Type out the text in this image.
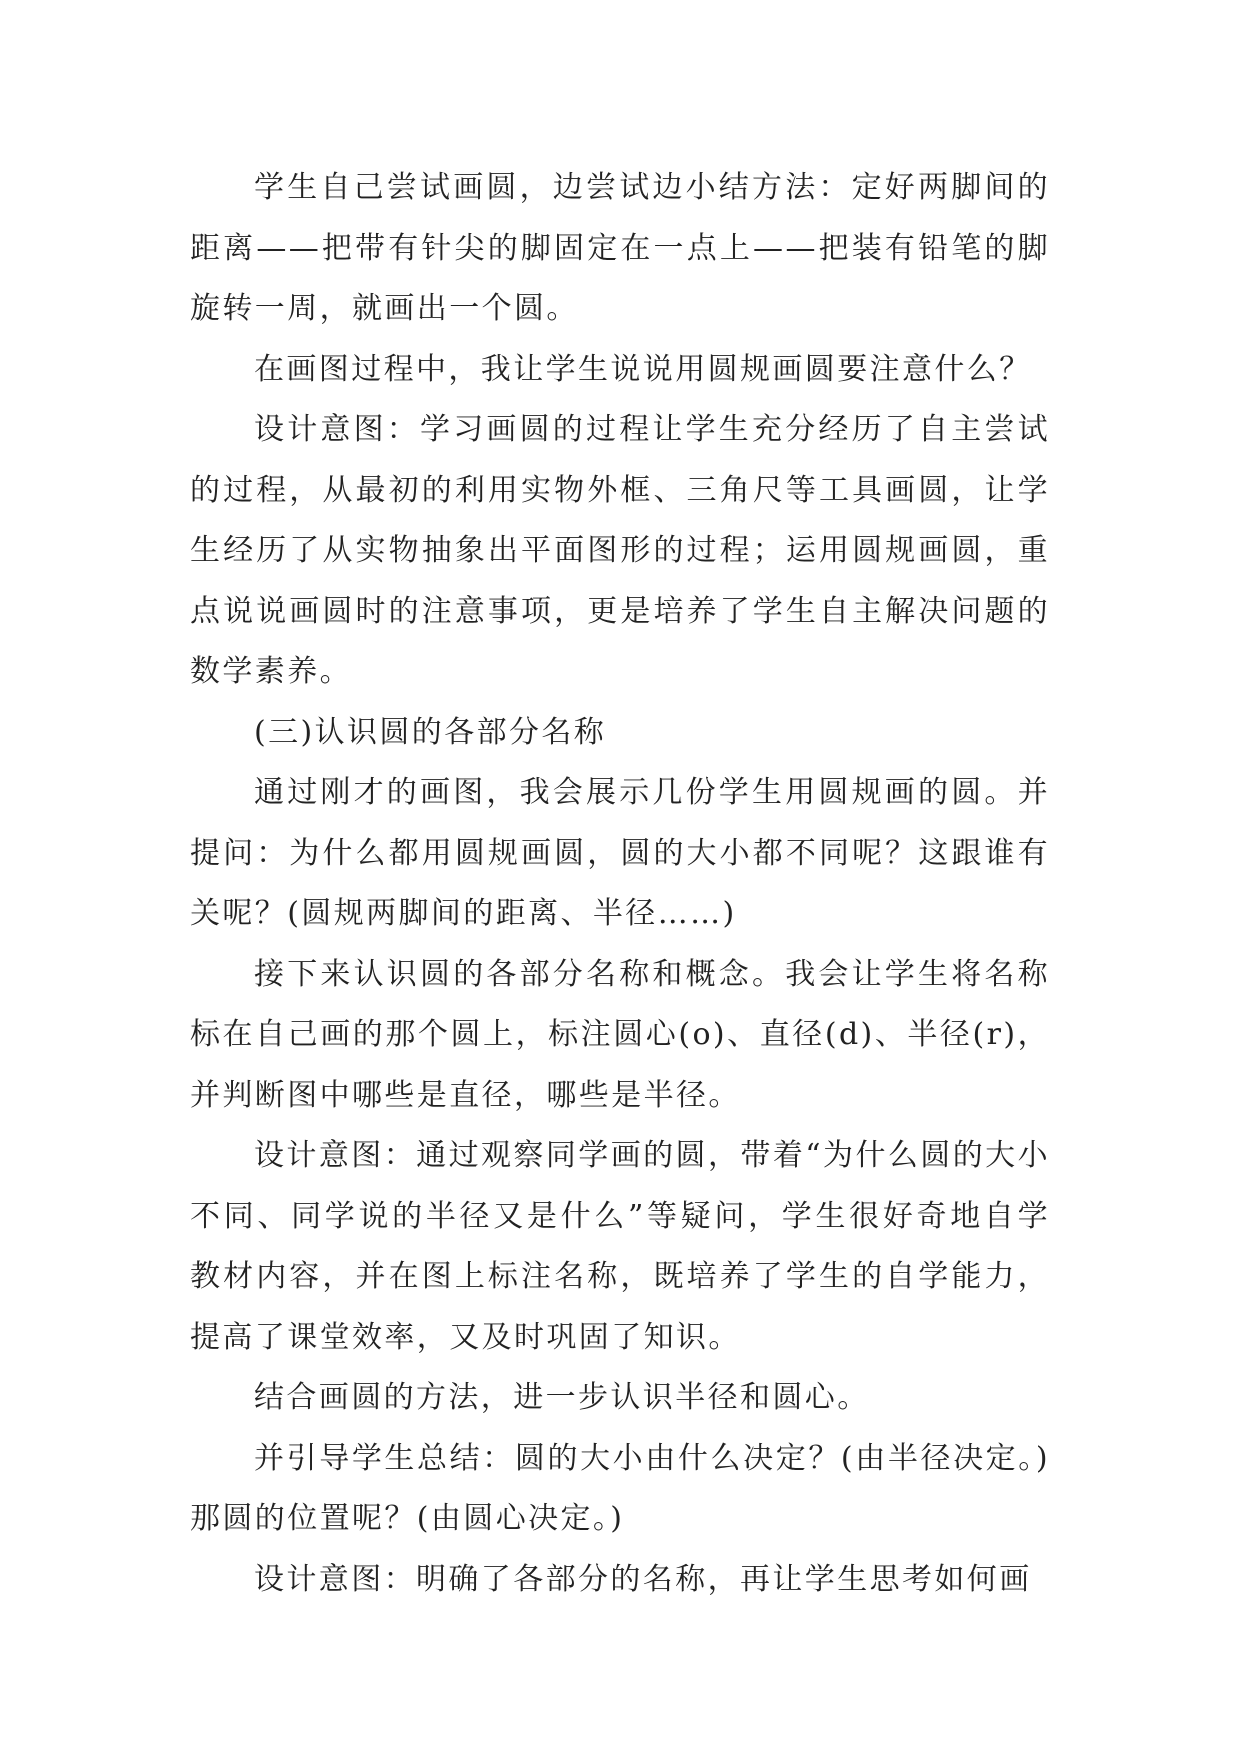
学生自己尝试画圆，边尝试边小结方法：定好两脚间的距离——把带有针尖的脚固定在一点上——把装有铅笔的脚旋转一周，就画出一个圆。

在画图过程中，我让学生说说用圆规画圆要注意什么？

设计意图：学习画圆的过程让学生充分经历了自主尝试的过程，从最初的利用实物外框、三角尺等工具画圆，让学生经历了从实物抽象出平面图形的过程；运用圆规画圆，重点说说画圆时的注意事项，更是培养了学生自主解决问题的数学素养。

(三)认识圆的各部分名称

通过刚才的画图，我会展示几份学生用圆规画的圆。并提问：为什么都用圆规画圆，圆的大小都不同呢？这跟谁有关呢？(圆规两脚间的距离、半径……)

接下来认识圆的各部分名称和概念。我会让学生将名称标在自己画的那个圆上，标注圆心(o)、直径(d)、半径(r)，并判断图中哪些是直径，哪些是半径。

设计意图：通过观察同学画的圆，带着“为什么圆的大小不同、同学说的半径又是什么”等疑问，学生很好奇地自学教材内容，并在图上标注名称，既培养了学生的自学能力，提高了课堂效率，又及时巩固了知识。

结合画圆的方法，进一步认识半径和圆心。

并引导学生总结：圆的大小由什么决定？(由半径决定。)那圆的位置呢？(由圆心决定。)

设计意图：明确了各部分的名称，再让学生思考如何画
